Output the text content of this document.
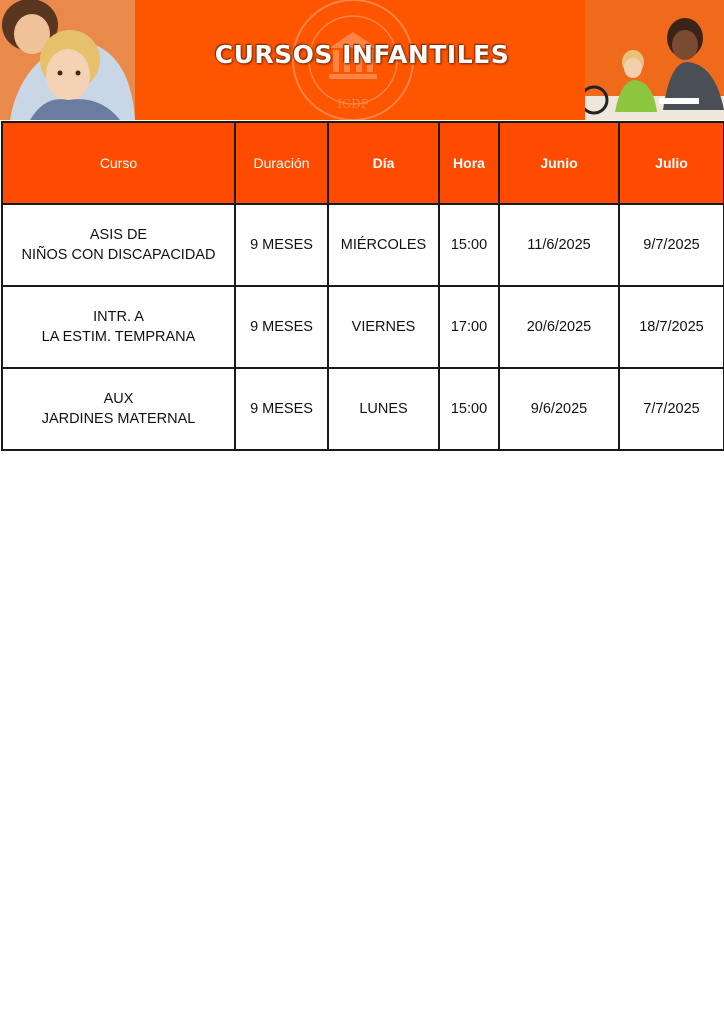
ICDP
CURSOS INFANTILES
Curso	Duración	Día	Hora	Junio	Julio

ASIS DE
NIÑOS CON DISCAPACIDAD	9 MESES	MIÉRCOLES	15:00	11/6/2025	9/7/2025

INTR. A
LA ESTIM. TEMPRANA	9 MESES	VIERNES	17:00	20/6/2025	18/7/2025

AUX
JARDINES MATERNAL	9 MESES	LUNES	15:00	9/6/2025	7/7/2025
